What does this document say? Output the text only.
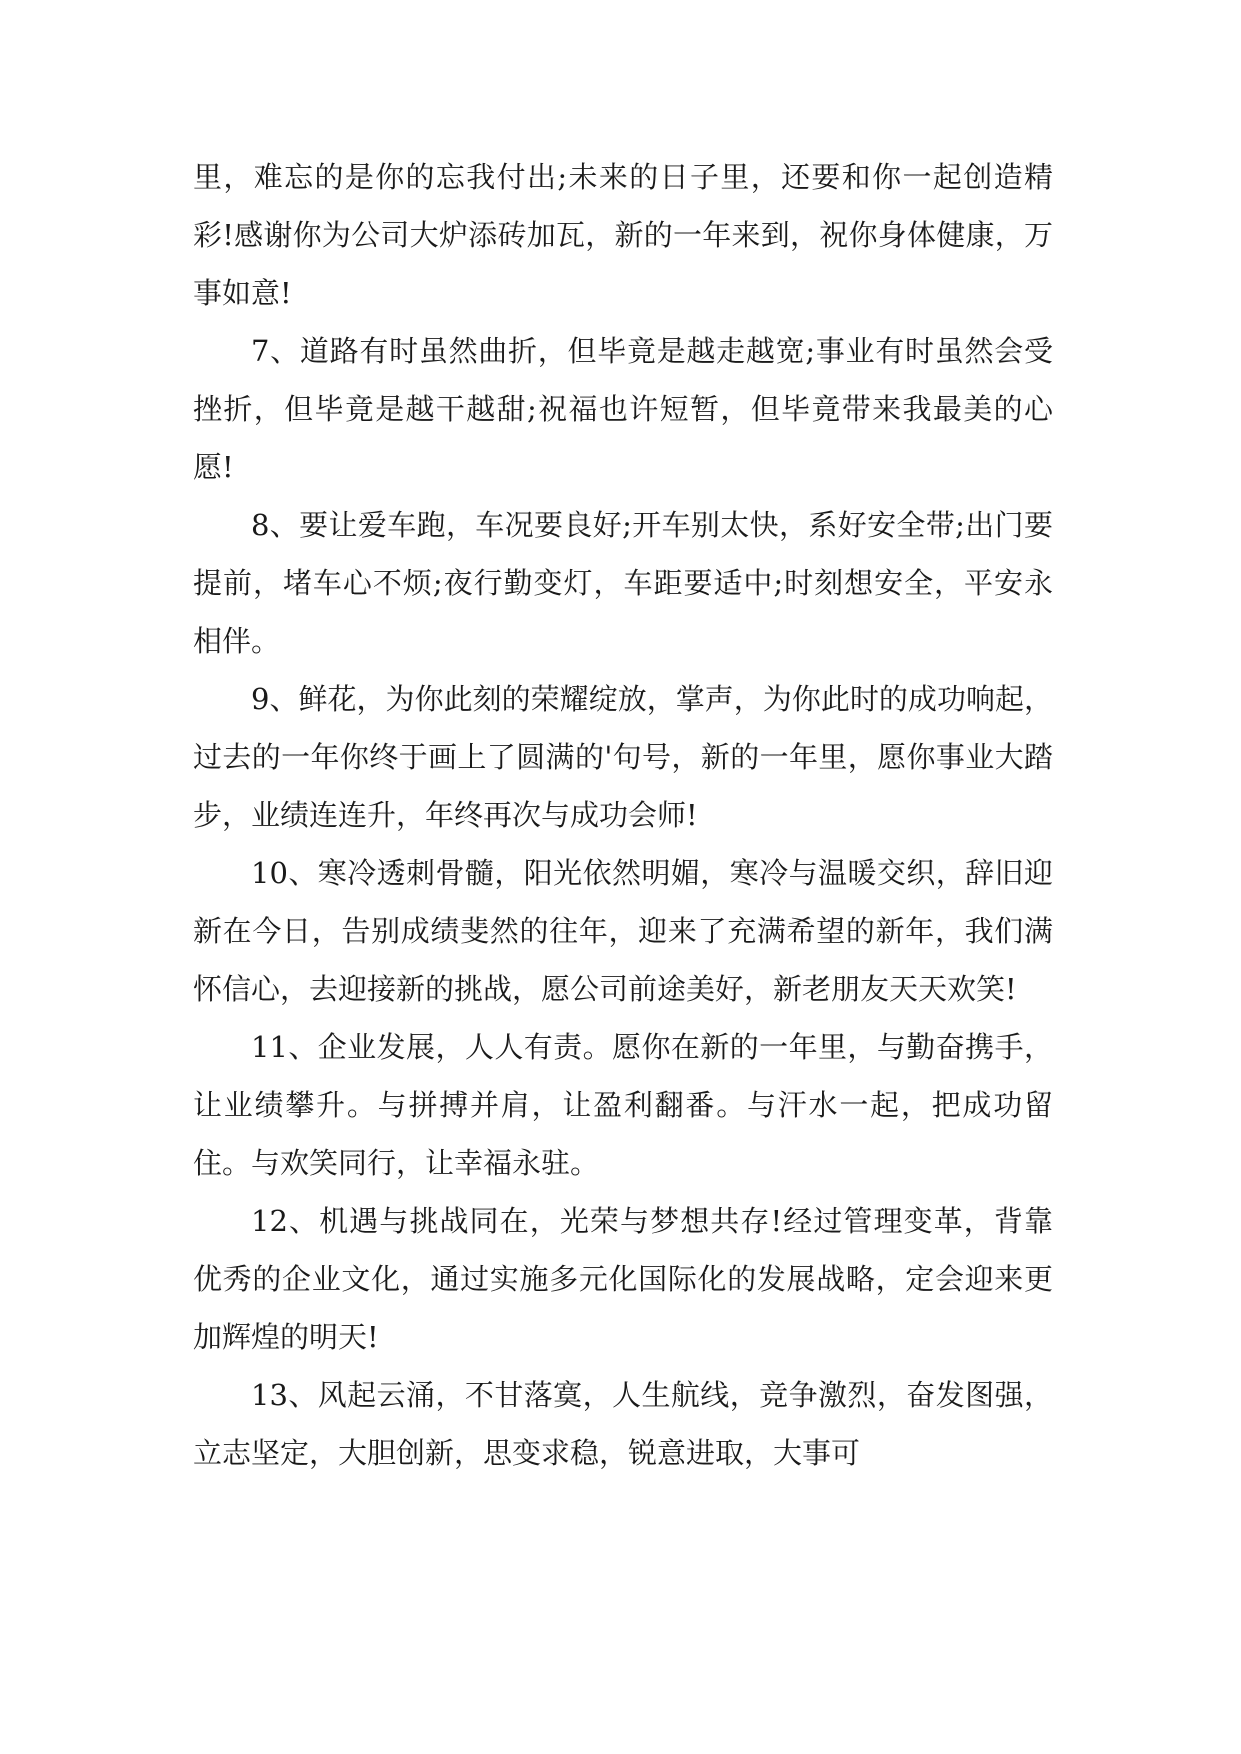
里，难忘的是你的忘我付出;未来的日子里，还要和你一起创造精彩!感谢你为公司大炉添砖加瓦，新的一年来到，祝你身体健康，万事如意!

7、道路有时虽然曲折，但毕竟是越走越宽;事业有时虽然会受挫折，但毕竟是越干越甜;祝福也许短暂，但毕竟带来我最美的心愿!

8、要让爱车跑，车况要良好;开车别太快，系好安全带;出门要提前，堵车心不烦;夜行勤变灯，车距要适中;时刻想安全，平安永相伴。

9、鲜花，为你此刻的荣耀绽放，掌声，为你此时的成功响起，过去的一年你终于画上了圆满的'句号，新的一年里，愿你事业大踏步，业绩连连升，年终再次与成功会师!

10、寒冷透刺骨髓，阳光依然明媚，寒冷与温暖交织，辞旧迎新在今日，告别成绩斐然的往年，迎来了充满希望的新年，我们满怀信心，去迎接新的挑战，愿公司前途美好，新老朋友天天欢笑!

11、企业发展，人人有责。愿你在新的一年里，与勤奋携手，让业绩攀升。与拼搏并肩，让盈利翻番。与汗水一起，把成功留住。与欢笑同行，让幸福永驻。

12、机遇与挑战同在，光荣与梦想共存!经过管理变革，背靠优秀的企业文化，通过实施多元化国际化的发展战略，定会迎来更加辉煌的明天!

13、风起云涌，不甘落寞，人生航线，竞争激烈，奋发图强，立志坚定，大胆创新，思变求稳，锐意进取，大事可
